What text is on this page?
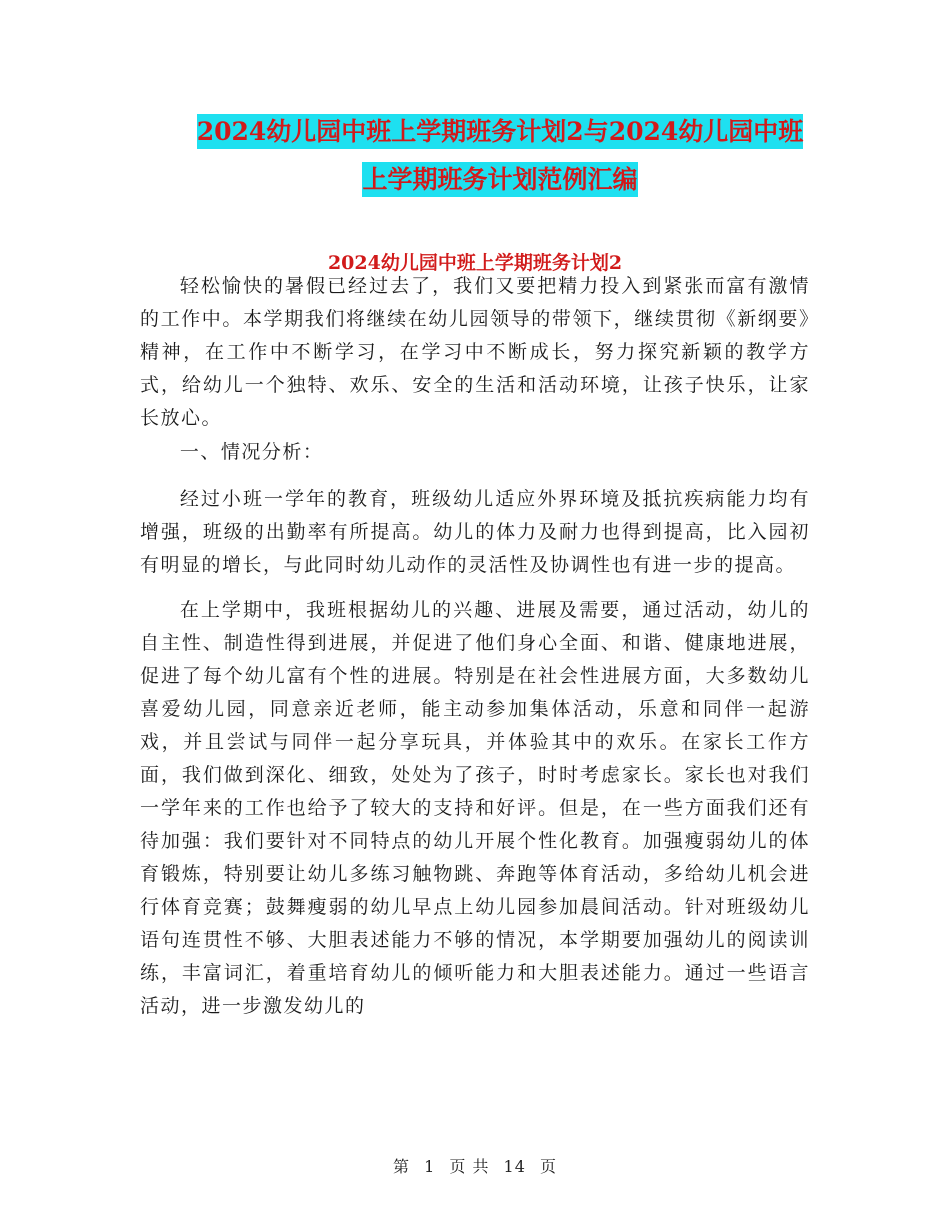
2024幼儿园中班上学期班务计划2与2024幼儿园中班
上学期班务计划范例汇编
2024幼儿园中班上学期班务计划2

轻松愉快的暑假已经过去了，我们又要把精力投入到紧张而富有激情的工作中。本学期我们将继续在幼儿园领导的带领下，继续贯彻《新纲要》精神，在工作中不断学习，在学习中不断成长，努力探究新颖的教学方式，给幼儿一个独特、欢乐、安全的生活和活动环境，让孩子快乐，让家长放心。

一、情况分析：

经过小班一学年的教育，班级幼儿适应外界环境及抵抗疾病能力均有增强，班级的出勤率有所提高。幼儿的体力及耐力也得到提高，比入园初有明显的增长，与此同时幼儿动作的灵活性及协调性也有进一步的提高。

在上学期中，我班根据幼儿的兴趣、进展及需要，通过活动，幼儿的自主性、制造性得到进展，并促进了他们身心全面、和谐、健康地进展，促进了每个幼儿富有个性的进展。特别是在社会性进展方面，大多数幼儿喜爱幼儿园，同意亲近老师，能主动参加集体活动，乐意和同伴一起游戏，并且尝试与同伴一起分享玩具，并体验其中的欢乐。在家长工作方面，我们做到深化、细致，处处为了孩子，时时考虑家长。家长也对我们一学年来的工作也给予了较大的支持和好评。但是，在一些方面我们还有待加强：我们要针对不同特点的幼儿开展个性化教育。加强瘦弱幼儿的体育锻炼，特别要让幼儿多练习触物跳、奔跑等体育活动，多给幼儿机会进行体育竞赛；鼓舞瘦弱的幼儿早点上幼儿园参加晨间活动。针对班级幼儿语句连贯性不够、大胆表述能力不够的情况，本学期要加强幼儿的阅读训练，丰富词汇，着重培育幼儿的倾听能力和大胆表述能力。通过一些语言活动，进一步激发幼儿的

第 1 页 共 14 页
